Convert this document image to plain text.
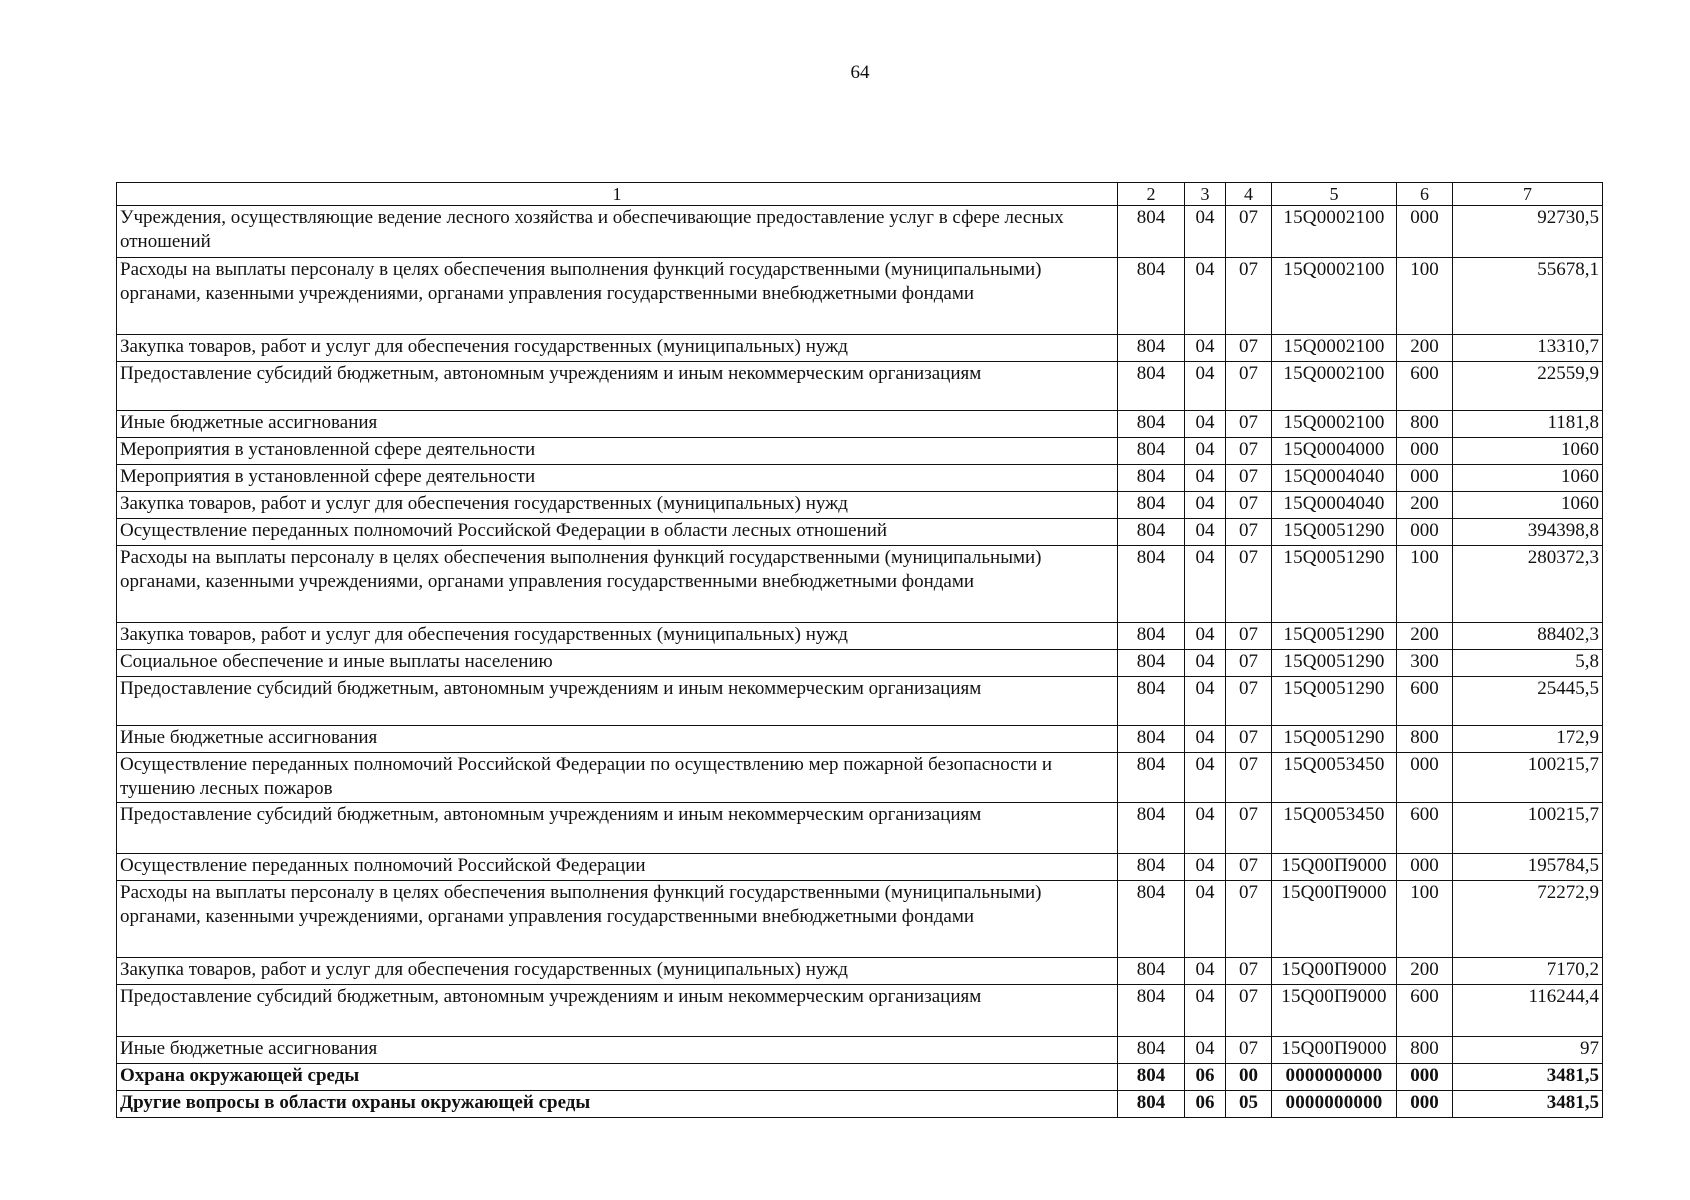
64
1	2	3	4	5	6	7
Учреждения, осуществляющие ведение лесного хозяйства и обеспечивающие предоставление услуг в сфере лесных отношений	804	04	07	15Q0002100	000	92730,5
Расходы на выплаты персоналу в целях обеспечения выполнения функций государственными (муниципальными) органами, казенными учреждениями, органами управления государственными внебюджетными фондами	804	04	07	15Q0002100	100	55678,1
Закупка товаров, работ и услуг для обеспечения государственных (муниципальных) нужд	804	04	07	15Q0002100	200	13310,7
Предоставление субсидий бюджетным, автономным учреждениям и иным некоммерческим организациям	804	04	07	15Q0002100	600	22559,9
Иные бюджетные ассигнования	804	04	07	15Q0002100	800	1181,8
Мероприятия в установленной сфере деятельности	804	04	07	15Q0004000	000	1060
Мероприятия в установленной сфере деятельности	804	04	07	15Q0004040	000	1060
Закупка товаров, работ и услуг для обеспечения государственных (муниципальных) нужд	804	04	07	15Q0004040	200	1060
Осуществление переданных полномочий Российской Федерации в области лесных отношений	804	04	07	15Q0051290	000	394398,8
Расходы на выплаты персоналу в целях обеспечения выполнения функций государственными (муниципальными) органами, казенными учреждениями, органами управления государственными внебюджетными фондами	804	04	07	15Q0051290	100	280372,3
Закупка товаров, работ и услуг для обеспечения государственных (муниципальных) нужд	804	04	07	15Q0051290	200	88402,3
Социальное обеспечение и иные выплаты населению	804	04	07	15Q0051290	300	5,8
Предоставление субсидий бюджетным, автономным учреждениям и иным некоммерческим организациям	804	04	07	15Q0051290	600	25445,5
Иные бюджетные ассигнования	804	04	07	15Q0051290	800	172,9
Осуществление переданных полномочий Российской Федерации по осуществлению мер пожарной безопасности и тушению лесных пожаров	804	04	07	15Q0053450	000	100215,7
Предоставление субсидий бюджетным, автономным учреждениям и иным некоммерческим организациям	804	04	07	15Q0053450	600	100215,7
Осуществление переданных полномочий Российской Федерации	804	04	07	15Q00П9000	000	195784,5
Расходы на выплаты персоналу в целях обеспечения выполнения функций государственными (муниципальными) органами, казенными учреждениями, органами управления государственными внебюджетными фондами	804	04	07	15Q00П9000	100	72272,9
Закупка товаров, работ и услуг для обеспечения государственных (муниципальных) нужд	804	04	07	15Q00П9000	200	7170,2
Предоставление субсидий бюджетным, автономным учреждениям и иным некоммерческим организациям	804	04	07	15Q00П9000	600	116244,4
Иные бюджетные ассигнования	804	04	07	15Q00П9000	800	97
Охрана окружающей среды	804	06	00	0000000000	000	3481,5
Другие вопросы в области охраны окружающей среды	804	06	05	0000000000	000	3481,5
